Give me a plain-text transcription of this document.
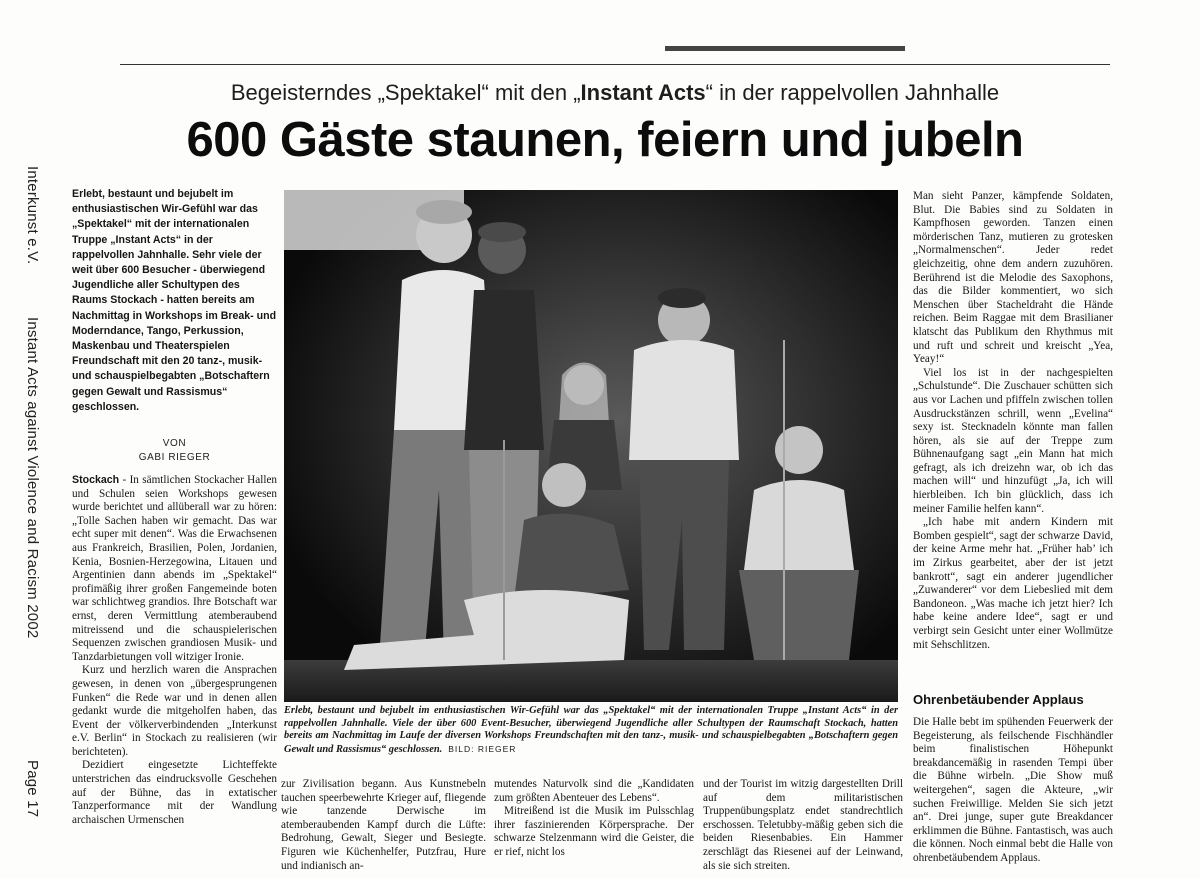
Interkunst e.V.
Instant Acts against Violence and Racism 2002
Page 17
Begeisterndes „Spektakel“ mit den „Instant Acts“ in der rappelvollen Jahnhalle
600 Gäste staunen, feiern und jubeln
Erlebt, bestaunt und bejubelt im enthusiastischen Wir-Gefühl war das „Spektakel“ mit der internationalen Truppe „Instant Acts“ in der rappelvollen Jahnhalle. Sehr viele der weit über 600 Besucher - überwiegend Jugendliche aller Schultypen des Raums Stockach - hatten bereits am Nachmittag in Workshops im Break- und Moderndance, Tango, Perkussion, Maskenbau und Theaterspielen Freundschaft mit den 20 tanz-, musik- und schauspielbegabten „Botschaftern gegen Gewalt und Rassismus“ geschlossen.
VON
GABI RIEGER

Stockach - In sämtlichen Stockacher Hallen und Schulen seien Workshops gewesen wurde berichtet und allüberall war zu hören: „Tolle Sachen haben wir gemacht. Das war echt super mit denen“. Was die Erwachsenen aus Frankreich, Brasilien, Polen, Jordanien, Kenia, Bosnien-Herzegowina, Litauen und Argentinien dann abends im „Spektakel“ profimäßig ihrer großen Fangemeinde boten war schlichtweg grandios. Ihre Botschaft war ernst, deren Vermittlung atemberaubend mitreissend und die schauspielerischen Sequenzen zwischen grandiosen Musik- und Tanzdarbietungen voll witziger Ironie.

Kurz und herzlich waren die Ansprachen gewesen, in denen von „übergesprungenen Funken“ die Rede war und in denen allen gedankt wurde die mitgeholfen haben, das Event der völkerverbindenden „Interkunst e.V. Berlin“ in Stockach zu realisieren (wir berichteten).

Dezidiert eingesetzte Lichteffekte unterstrichen das eindrucksvolle Geschehen auf der Bühne, das in extatischer Tanzperformance mit der Wandlung archaischen Urmenschen

Erlebt, bestaunt und bejubelt im enthusiastischen Wir-Gefühl war das „Spektakel“ mit der internationalen Truppe „Instant Acts“ in der rappelvollen Jahnhalle. Viele der über 600 Event-Besucher, überwiegend Jugendliche aller Schultypen der Raumschaft Stockach, hatten bereits am Nachmittag im Laufe der diversen Workshops Freundschaften mit den tanz-, musik- und schauspielbegabten „Botschaftern gegen Gewalt und Rassismus“ geschlossen. BILD: RIEGER

Man sieht Panzer, kämpfende Soldaten, Blut. Die Babies sind zu Soldaten in Kampfhosen geworden. Tanzen einen mörderischen Tanz, mutieren zu grotesken „Normalmenschen“. Jeder redet gleichzeitig, ohne dem andern zuzuhören. Berührend ist die Melodie des Saxophons, das die Bilder kommentiert, wo sich Menschen über Stacheldraht die Hände reichen. Beim Raggae mit dem Brasilianer klatscht das Publikum den Rhythmus mit und ruft und schreit und kreischt „Yea, Yeay!“

Viel los ist in der nachgespielten „Schulstunde“. Die Zuschauer schütten sich aus vor Lachen und pfiffeln zwischen tollen Ausdruckstänzen schrill, wenn „Evelina“ sexy ist. Stecknadeln könnte man fallen hören, als sie auf der Treppe zum Bühnenaufgang sagt „ein Mann hat mich gefragt, als ich dreizehn war, ob ich das machen will“ und hinzufügt „Ja, ich will hierbleiben. Ich bin glücklich, dass ich meiner Familie helfen kann“.

„Ich habe mit andern Kindern mit Bomben gespielt“, sagt der schwarze David, der keine Arme mehr hat. „Früher hab’ ich im Zirkus gearbeitet, aber der ist jetzt bankrott“, sagt ein anderer jugendlicher „Zuwanderer“ vor dem Liebeslied mit dem Bandoneon. „Was mache ich jetzt hier? Ich habe keine andere Idee“, sagt er und verbirgt sein Gesicht unter einer Wollmütze mit Sehschlitzen.

Ohrenbetäubender Applaus

Die Halle bebt im spühenden Feuerwerk der Begeisterung, als feilschende Fischhändler beim finalistischen Höhepunkt breakdancemäßig in rasenden Tempi über die Bühne wirbeln. „Die Show muß weitergehen“, sagen die Akteure, „wir suchen Freiwillige. Melden Sie sich jetzt an“. Drei junge, super gute Breakdancer erklimmen die Bühne. Fantastisch, was auch die können. Noch einmal bebt die Halle von ohrenbetäubendem Applaus.

zur Zivilisation begann. Aus Kunstnebeln tauchen speerbewehrte Krieger auf, fliegende wie tanzende Derwische im atemberaubenden Kampf durch die Lüfte: Bedrohung, Gewalt, Sieger und Besiegte. Figuren wie Küchenhelfer, Putzfrau, Hure und indianisch an-

mutendes Naturvolk sind die „Kandidaten zum größten Abenteuer des Lebens“.

Mitreißend ist die Musik im Pulsschlag ihrer faszinierenden Körpersprache. Der schwarze Stelzenmann wird die Geister, die er rief, nicht los

und der Tourist im witzig dargestellten Drill auf dem militaristischen Truppenübungsplatz endet standrechtlich erschossen. Teletubby-mäßig geben sich die beiden Riesenbabies. Ein Hammer zerschlägt das Riesenei auf der Leinwand, als sie sich streiten.
